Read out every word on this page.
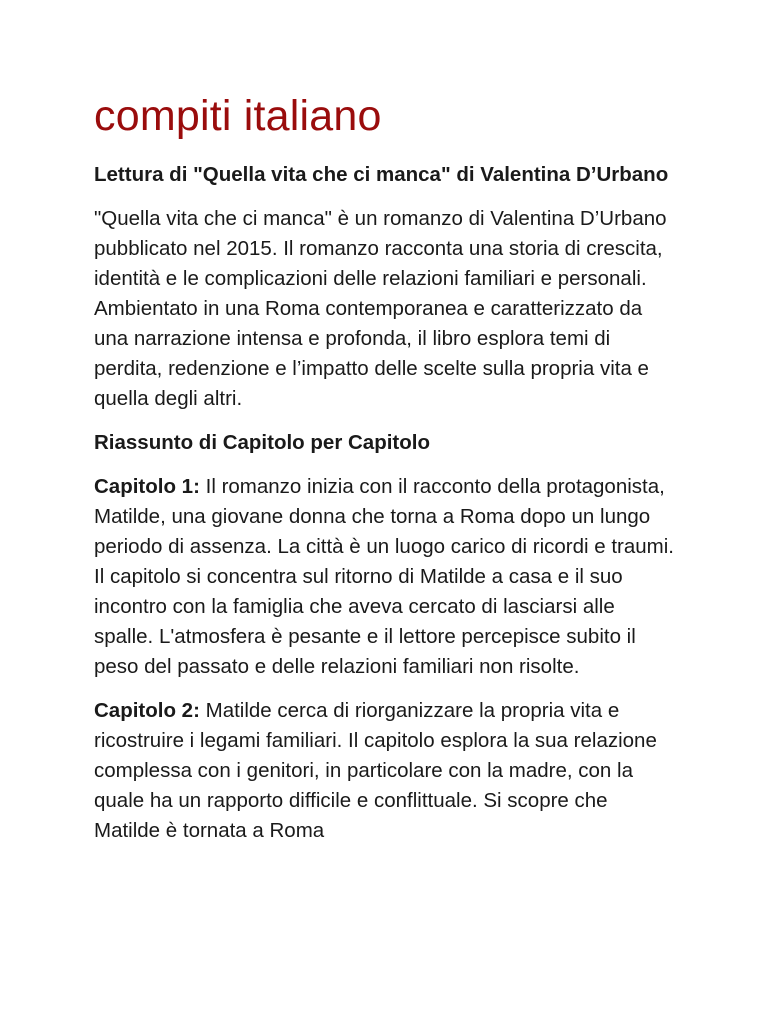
compiti italiano
Lettura di "Quella vita che ci manca" di Valentina D’Urbano

"Quella vita che ci manca" è un romanzo di Valentina D’Urbano pubblicato nel 2015. Il romanzo racconta una storia di crescita, identità e le complicazioni delle relazioni familiari e personali. Ambientato in una Roma contemporanea e caratterizzato da una narrazione intensa e profonda, il libro esplora temi di perdita, redenzione e l’impatto delle scelte sulla propria vita e quella degli altri.

Riassunto di Capitolo per Capitolo

Capitolo 1: Il romanzo inizia con il racconto della protagonista, Matilde, una giovane donna che torna a Roma dopo un lungo periodo di assenza. La città è un luogo carico di ricordi e traumi. Il capitolo si concentra sul ritorno di Matilde a casa e il suo incontro con la famiglia che aveva cercato di lasciarsi alle spalle. L'atmosfera è pesante e il lettore percepisce subito il peso del passato e delle relazioni familiari non risolte.

Capitolo 2: Matilde cerca di riorganizzare la propria vita e ricostruire i legami familiari. Il capitolo esplora la sua relazione complessa con i genitori, in particolare con la madre, con la quale ha un rapporto difficile e conflittuale. Si scopre che Matilde è tornata a Roma
